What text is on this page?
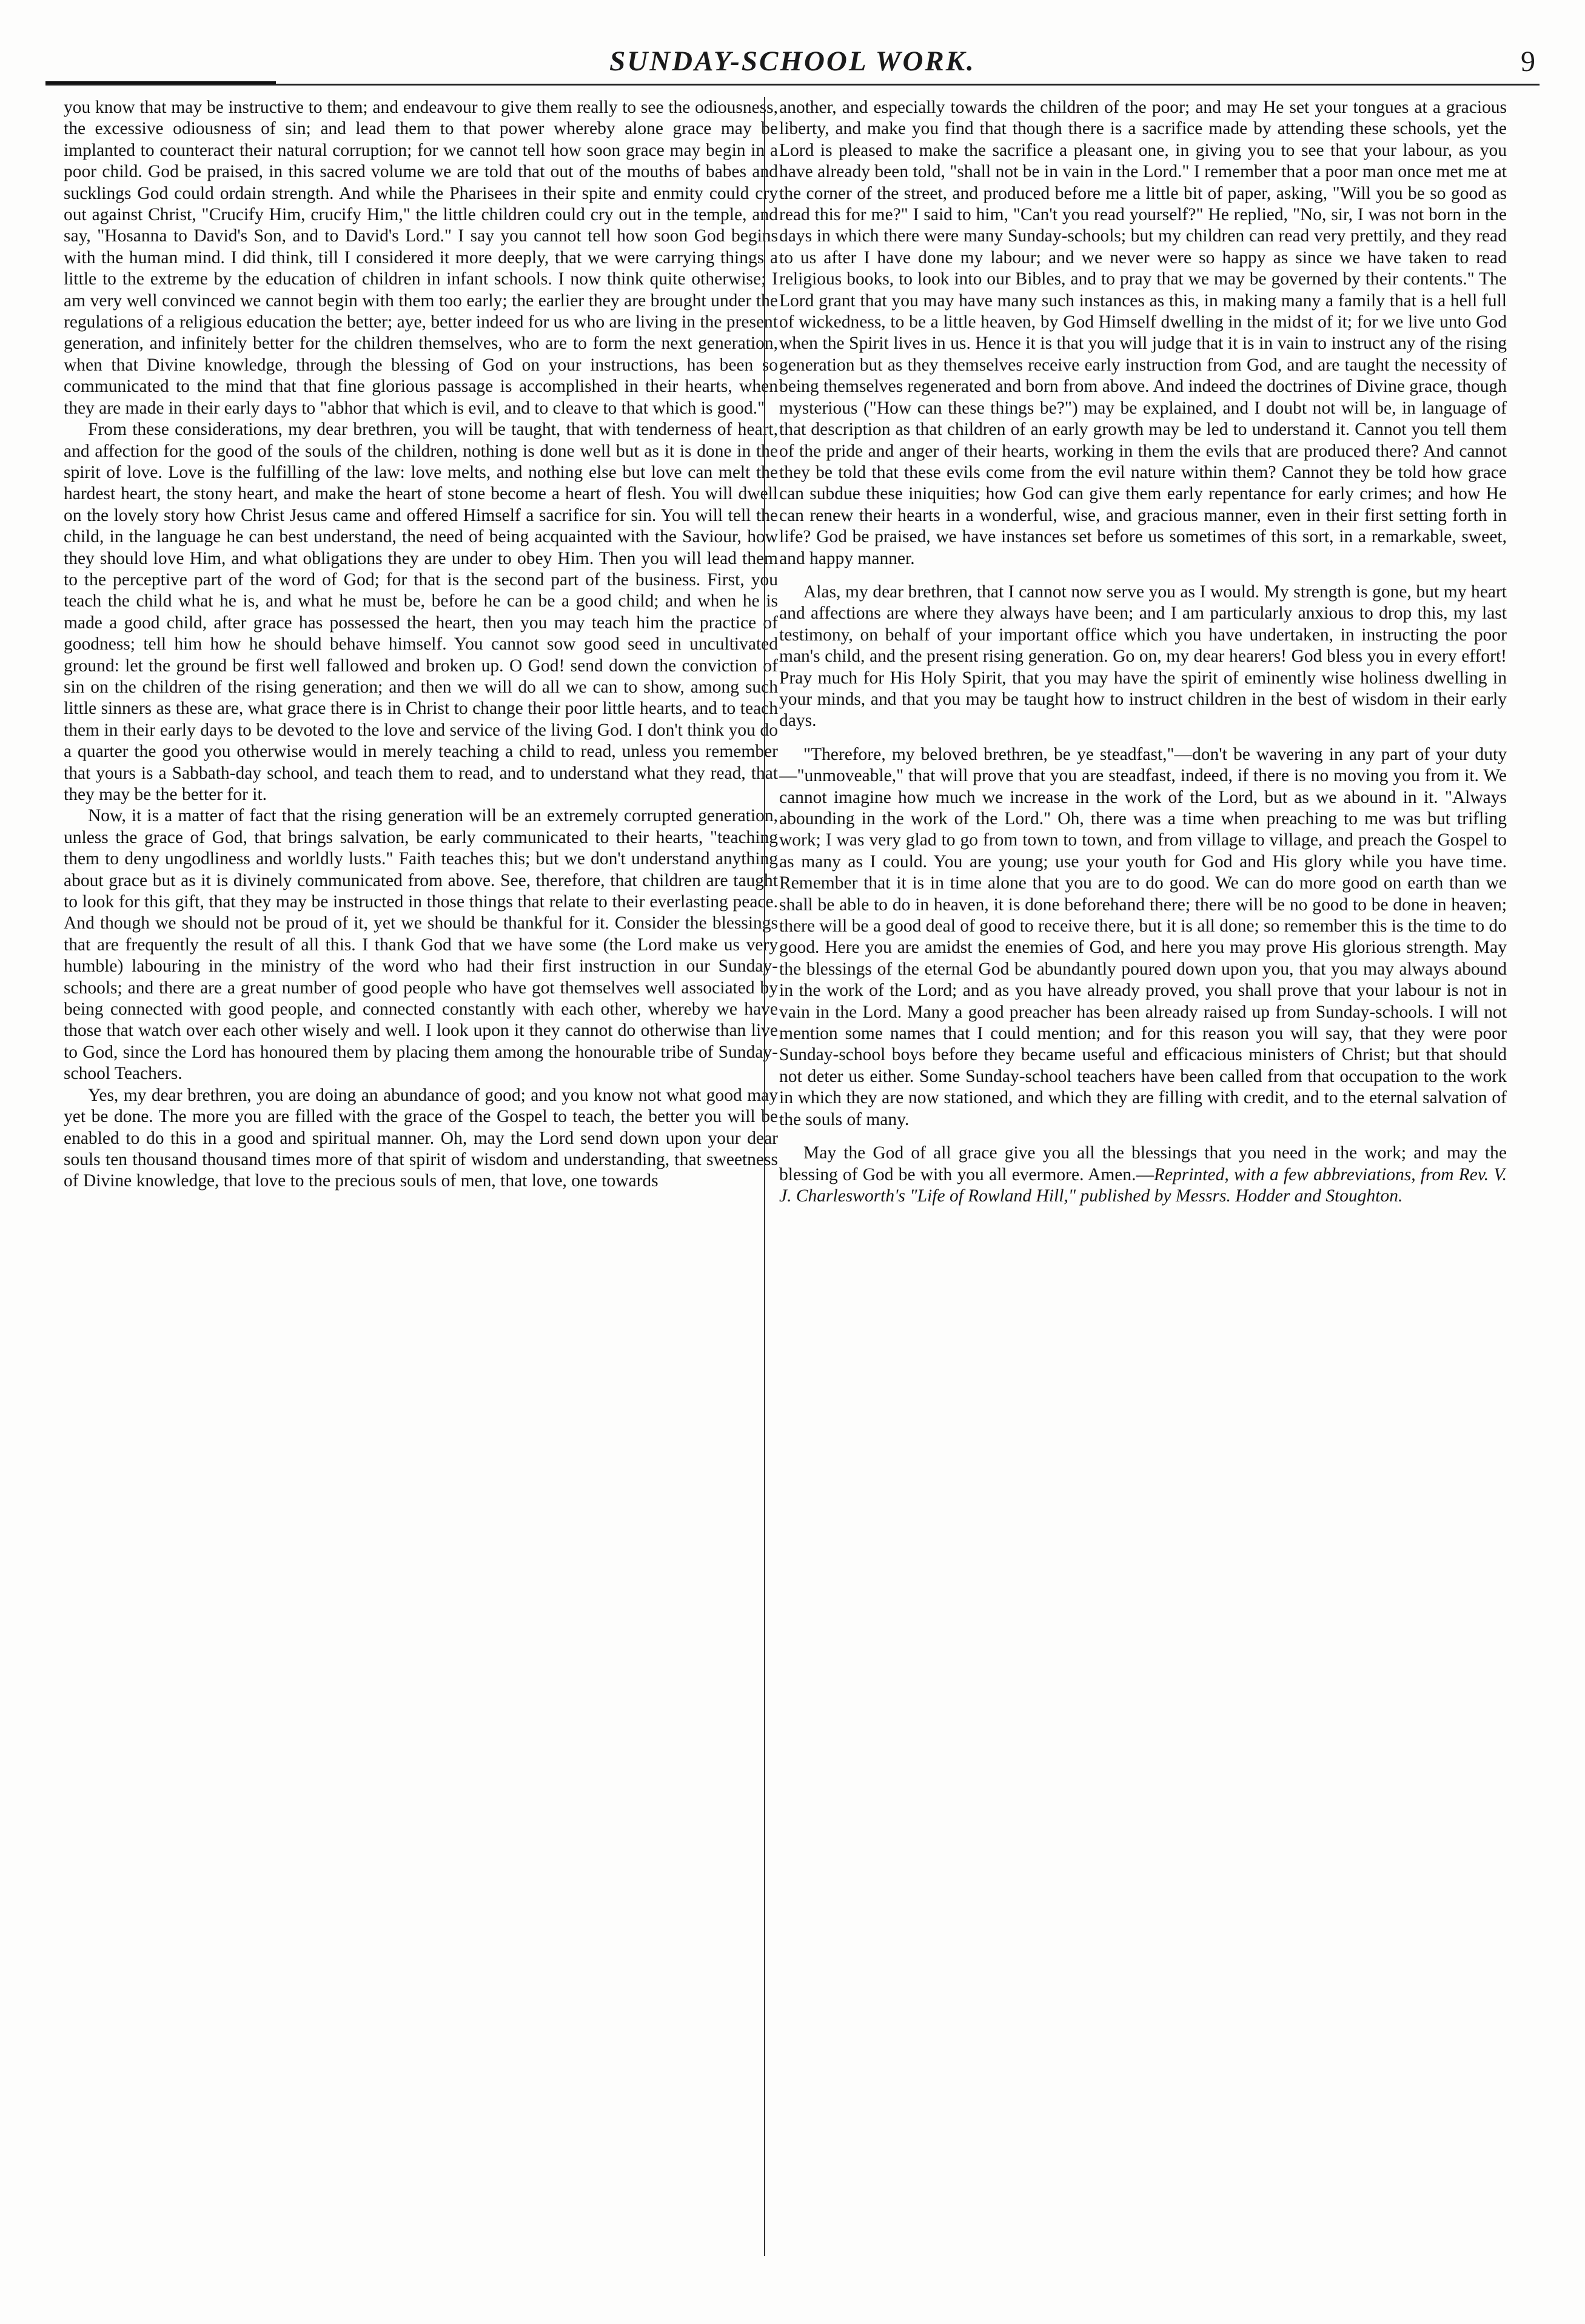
SUNDAY-SCHOOL WORK.	9

you know that may be instructive to them; and endeavour to give them really to see the odiousness, the excessive odiousness of sin; and lead them to that power whereby alone grace may be implanted to counteract their natural corruption; for we cannot tell how soon grace may begin in a poor child. God be praised, in this sacred volume we are told that out of the mouths of babes and sucklings God could ordain strength. And while the Pharisees in their spite and enmity could cry out against Christ, "Crucify Him, crucify Him," the little children could cry out in the temple, and say, "Hosanna to David's Son, and to David's Lord." I say you cannot tell how soon God begins with the human mind. I did think, till I considered it more deeply, that we were carrying things a little to the extreme by the education of children in infant schools. I now think quite otherwise; I am very well convinced we cannot begin with them too early; the earlier they are brought under the regulations of a religious education the better; aye, better indeed for us who are living in the present generation, and infinitely better for the children themselves, who are to form the next generation, when that Divine knowledge, through the blessing of God on your instructions, has been so communicated to the mind that that fine glorious passage is accomplished in their hearts, when they are made in their early days to "abhor that which is evil, and to cleave to that which is good."

From these considerations, my dear brethren, you will be taught, that with tenderness of heart, and affection for the good of the souls of the children, nothing is done well but as it is done in the spirit of love. Love is the fulfilling of the law: love melts, and nothing else but love can melt the hardest heart, the stony heart, and make the heart of stone become a heart of flesh. You will dwell on the lovely story how Christ Jesus came and offered Himself a sacrifice for sin. You will tell the child, in the language he can best understand, the need of being acquainted with the Saviour, how they should love Him, and what obligations they are under to obey Him. Then you will lead them to the perceptive part of the word of God; for that is the second part of the business. First, you teach the child what he is, and what he must be, before he can be a good child; and when he is made a good child, after grace has possessed the heart, then you may teach him the practice of goodness; tell him how he should behave himself. You cannot sow good seed in uncultivated ground: let the ground be first well fallowed and broken up. O God! send down the conviction of sin on the children of the rising generation; and then we will do all we can to show, among such little sinners as these are, what grace there is in Christ to change their poor little hearts, and to teach them in their early days to be devoted to the love and service of the living God. I don't think you do a quarter the good you otherwise would in merely teaching a child to read, unless you remember that yours is a Sabbath-day school, and teach them to read, and to understand what they read, that they may be the better for it.

Now, it is a matter of fact that the rising generation will be an extremely corrupted generation, unless the grace of God, that brings salvation, be early communicated to their hearts, "teaching them to deny ungodliness and worldly lusts." Faith teaches this; but we don't understand anything about grace but as it is divinely communicated from above. See, therefore, that children are taught to look for this gift, that they may be instructed in those things that relate to their everlasting peace. And though we should not be proud of it, yet we should be thankful for it. Consider the blessings that are frequently the result of all this. I thank God that we have some (the Lord make us very humble) labouring in the ministry of the word who had their first instruction in our Sunday-schools; and there are a great number of good people who have got themselves well associated by being connected with good people, and connected constantly with each other, whereby we have those that watch over each other wisely and well. I look upon it they cannot do otherwise than live to God, since the Lord has honoured them by placing them among the honourable tribe of Sunday-school Teachers.

Yes, my dear brethren, you are doing an abundance of good; and you know not what good may yet be done. The more you are filled with the grace of the Gospel to teach, the better you will be enabled to do this in a good and spiritual manner. Oh, may the Lord send down upon your dear souls ten thousand thousand times more of that spirit of wisdom and understanding, that sweetness of Divine knowledge, that love to the precious souls of men, that love, one towards

another, and especially towards the children of the poor; and may He set your tongues at a gracious liberty, and make you find that though there is a sacrifice made by attending these schools, yet the Lord is pleased to make the sacrifice a pleasant one, in giving you to see that your labour, as you have already been told, "shall not be in vain in the Lord." I remember that a poor man once met me at the corner of the street, and produced before me a little bit of paper, asking, "Will you be so good as read this for me?" I said to him, "Can't you read yourself?" He replied, "No, sir, I was not born in the days in which there were many Sunday-schools; but my children can read very prettily, and they read to us after I have done my labour; and we never were so happy as since we have taken to read religious books, to look into our Bibles, and to pray that we may be governed by their contents." The Lord grant that you may have many such instances as this, in making many a family that is a hell full of wickedness, to be a little heaven, by God Himself dwelling in the midst of it; for we live unto God when the Spirit lives in us. Hence it is that you will judge that it is in vain to instruct any of the rising generation but as they themselves receive early instruction from God, and are taught the necessity of being themselves regenerated and born from above. And indeed the doctrines of Divine grace, though mysterious ("How can these things be?") may be explained, and I doubt not will be, in language of that description as that children of an early growth may be led to understand it. Cannot you tell them of the pride and anger of their hearts, working in them the evils that are produced there? And cannot they be told that these evils come from the evil nature within them? Cannot they be told how grace can subdue these iniquities; how God can give them early repentance for early crimes; and how He can renew their hearts in a wonderful, wise, and gracious manner, even in their first setting forth in life? God be praised, we have instances set before us sometimes of this sort, in a remarkable, sweet, and happy manner.

Alas, my dear brethren, that I cannot now serve you as I would. My strength is gone, but my heart and affections are where they always have been; and I am particularly anxious to drop this, my last testimony, on behalf of your important office which you have undertaken, in instructing the poor man's child, and the present rising generation. Go on, my dear hearers! God bless you in every effort! Pray much for His Holy Spirit, that you may have the spirit of eminently wise holiness dwelling in your minds, and that you may be taught how to instruct children in the best of wisdom in their early days.

"Therefore, my beloved brethren, be ye steadfast,"—don't be wavering in any part of your duty—"unmoveable," that will prove that you are steadfast, indeed, if there is no moving you from it. We cannot imagine how much we increase in the work of the Lord, but as we abound in it. "Always abounding in the work of the Lord." Oh, there was a time when preaching to me was but trifling work; I was very glad to go from town to town, and from village to village, and preach the Gospel to as many as I could. You are young; use your youth for God and His glory while you have time. Remember that it is in time alone that you are to do good. We can do more good on earth than we shall be able to do in heaven, it is done beforehand there; there will be no good to be done in heaven; there will be a good deal of good to receive there, but it is all done; so remember this is the time to do good. Here you are amidst the enemies of God, and here you may prove His glorious strength. May the blessings of the eternal God be abundantly poured down upon you, that you may always abound in the work of the Lord; and as you have already proved, you shall prove that your labour is not in vain in the Lord. Many a good preacher has been already raised up from Sunday-schools. I will not mention some names that I could mention; and for this reason you will say, that they were poor Sunday-school boys before they became useful and efficacious ministers of Christ; but that should not deter us either. Some Sunday-school teachers have been called from that occupation to the work in which they are now stationed, and which they are filling with credit, and to the eternal salvation of the souls of many.

May the God of all grace give you all the blessings that you need in the work; and may the blessing of God be with you all evermore. Amen.—Reprinted, with a few abbreviations, from Rev. V. J. Charlesworth's "Life of Rowland Hill," published by Messrs. Hodder and Stoughton.
